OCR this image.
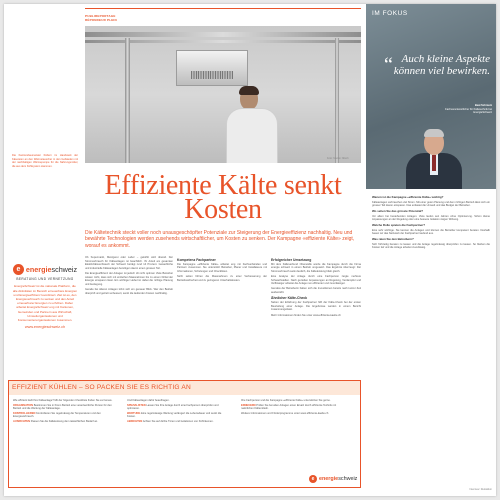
PUBLIREPORTAGE
RÉPONDEUR PLEIN
Foto: Marion Nitsch

Die Kantonsbaumeister fördern im Handwerk der Käsereien an den Wärmetauscher in den Gebäuden mit der nachhaltigen Wärmepumpe für die Nahrungsmittel, die aus dem Kühlsystem stammen.

Effiziente Kälte senkt Kosten
Die Kältetechnik steckt voller noch unausgeschöpfter Potenziale zur Steigerung der Energieeffizienz nachhaltig. Neu und bewährte Technologien werden zusehends wirtschaftlicher, um Kosten zu senken. Der Kampagne «effiziente Kälte» zeigt, worauf es ankommt.

Ob Supermarkt, Metzgerei oder Labor – gekühlt wird überall. Der Stromverbrauch für Kälteanlagen ist beachtlich. Ihr Anteil am gesamten Elektrizitätsverbrauch der Schweiz beträgt rund 14 Prozent. Gewerbliche und industrielle Kälteanlagen benötigen davon einen grossen Teil.

Die Energieeffizienz der Anlagen ist jedoch oft nicht optimal. Viele Betreiber wissen nicht, dass sich mit einfachen Massnahmen bis zu einem Drittel der Energie einsparen lässt. Ein wichtiger Hebel ist dabei die richtige Planung und Auslegung.

Gerade bei älteren Anlagen lohnt sich ein genauer Blick. Wer den Betrieb überprüft und gezielt verbessert, senkt die laufenden Kosten nachhaltig.

Kompetenz Fachpartner

Die Kampagne «effiziente Kälte» arbeitet eng mit Fachverbänden und Partnern zusammen. Sie unterstützt Betreiber, Planer und Installateure mit Informationen, Schulungen und Checklisten.

Nicht selten führen die Massnahmen zu einer Verbesserung der Betriebssicherheit und zu geringeren Unterhaltskosten.

Erfolgreicher Umsetzung

Mit dem Kälteverbund Oberwallis wurde die Kampagne durch die Firma energie schweiz in einem Betrieb umgesetzt. Das Ergebnis überzeugt: Der Stromverbrauch sank deutlich, die Kälteleistung blieb gleich.

Eine Analyse der Anlage durch eine Fachperson zeigte mehrere Schwachstellen. Nach gezielten Anpassungen an Regelung, Verdampfer und Verflüssiger arbeitet die Anlage nun effizienter und zuverlässiger.

Gemäss der Betreiberin haben sich die Investitionen bereits nach kurzer Zeit ausbezahlt.

Ähnlicher Kälte-Check

Neben der Erfahrung der Fachpartner hilft der Kälte-Check bei der ersten Beurteilung einer Anlage. Die Ergebnisse werden in einem Bericht zusammengefasst.

Mehr Informationen finden Sie unter www.effiziente-kaelte.ch

e energieschweiz
BERATUNG UND VERNETZUNG
EnergieSchweiz ist die nationale Plattform, die alle Aktivitäten im Bereich erneuerbare Energien und Energieeffizienz koordiniert. Ziel ist es, den Energieverbrauch zu senken und den Anteil erneuerbarer Energien zu erhöhen. Dabei arbeitet EnergieSchweiz eng mit Kantonen, Gemeinden und Partnern aus Wirtschaft, Umweltorganisationen und Konsumentenorganisationen zusammen.
www.energieschweiz.ch
EFFIZIENT KÜHLEN – SO PACKEN SIE ES RICHTIG AN

Wie effizient läuft Ihre Kälteanlage? Mit der folgenden Checkliste finden Sie es heraus.

ORGANISATION Bestimmen Sie in Ihrem Betrieb eine verantwortliche Person für den Betrieb und die Wartung der Kälteanlage.

KONTROLLIEREN Kontrollieren Sie regelmässig die Temperaturen und den Energieverbrauch.

AUSRICHTEN Passen Sie die Kälteleistung dem tatsächlichen Bedarf an.

Und Kälteanlagen dafür beauftragen.

SPEZIALISTEN Lassen Sie Ihre Anlage durch eine Fachperson überprüfen und optimieren.

WARTUNG Eine regelmässige Wartung verlängert die Lebensdauer und senkt die Kosten.

ABDICHTEN Achten Sie auf dichte Türen und Isolationen von Kühlräumen.

Ihre Fachperson und die Kampagne «effiziente Kälte» unterstützen Sie gerne.

ERNEUERN Prüfen Sie bei alten Anlagen einen Ersatz durch effiziente Technik mit natürlichen Kältemitteln.

Weitere Informationen und Förderprogramme unter www.effiziente-kaelte.ch

e energieschweiz
IM FOKUS
“ Auch kleine Aspekte können viel bewirken.

Beat Schmutz

Fachverantwortlicher für Kältetechnik bei EnergieSchweiz

Warum ist die Kampagne «effiziente Kälte» wichtig?

Kälteanlagen verbrauchen viel Strom. Mit einer guten Planung und dem richtigen Betrieb lässt sich ein grosser Teil davon einsparen. Das entlastet die Umwelt und das Budget der Betreiber.

Wo sehen Sie das grösste Potenzial?

Vor allem bei bestehenden Anlagen. Viele laufen seit Jahren ohne Optimierung. Schon kleine Anpassungen an der Regelung oder eine bessere Isolation zeigen Wirkung.

Welche Rolle spielen die Fachpartner?

Eine sehr wichtige. Sie kennen die Anlagen und können die Betreiber kompetent beraten. Deshalb bauen wir das Netzwerk der Fachpartner laufend aus.

Was raten Sie den Betreibern?

Sich frühzeitig beraten zu lassen und die Anlage regelmässig überprüfen zu lassen. So bleiben die Kosten tief und die Anlage arbeitet zuverlässig.

Interview: Redaktion
